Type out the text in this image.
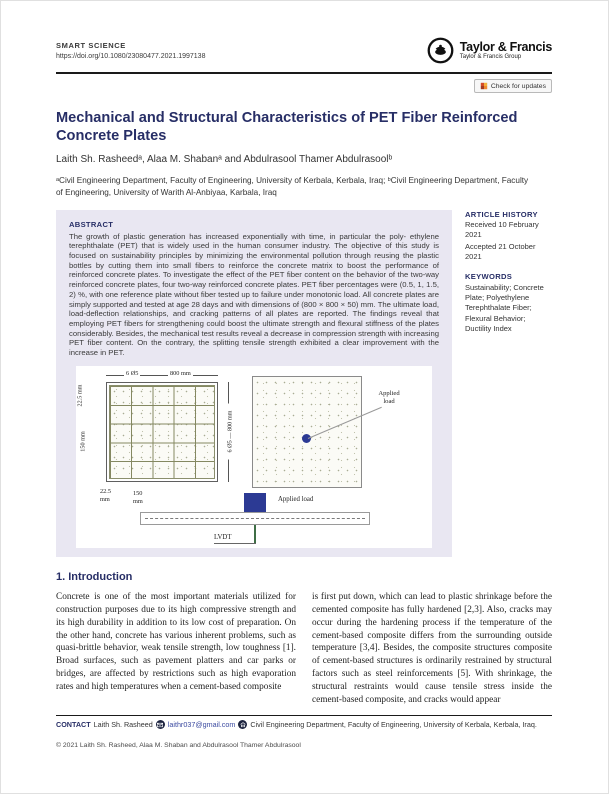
SMART SCIENCE
https://doi.org/10.1080/23080477.2021.1997138
Taylor & Francis
Taylor & Francis Group
Check for updates
Mechanical and Structural Characteristics of PET Fiber Reinforced Concrete Plates
Laith Sh. Rasheedᵃ, Alaa M. Shabanᵃ and Abdulrasool Thamer Abdulrasoolᵇ
ᵃCivil Engineering Department, Faculty of Engineering, University of Kerbala, Kerbala, Iraq; ᵇCivil Engineering Department, Faculty of Engineering, University of Warith Al-Anbiyaa, Karbala, Iraq
ABSTRACT
The growth of plastic generation has increased exponentially with time, in particular the poly- ethylene terephthalate (PET) that is widely used in the human consumer industry. The objective of this study is focused on sustainability principles by minimizing the environmental pollution through reusing the plastic bottles by cutting them into small fibers to reinforce the concrete matrix to boost the performance of reinforced concrete plates. To investigate the effect of the PET fiber content on the behavior of the two-way reinforced concrete plates, four two-way reinforced concrete plates. PET fiber percentages were (0.5, 1, 1.5, 2) %, with one reference plate without fiber tested up to failure under monotonic load. All concrete plates are simply supported and tested at age 28 days and with dimensions of (800 × 800 × 50) mm. The ultimate load, load-deflection relationships, and cracking patterns of all plates are reported. The findings reveal that employing PET fibers for strengthening could boost the ultimate strength and flexural stiffness of the plates considerably. Besides, the mechanical test results reveal a decrease in compression strength with increasing PET fiber content. On the contrary, the splitting tensile strength exhibited a clear improvement with the increase in PET.
6 Ø5	800 mm
22.5 mm
150 mm	6 Ø5 — 800 mm
22.5 mm
150 mm
Applied load
Applied load
LVDT
ARTICLE HISTORY
Received 10 February 2021
Accepted 21 October 2021
KEYWORDS
Sustainability; Concrete Plate; Polyethylene Terephthalate Fiber; Flexural Behavior; Ductility Index
1. Introduction
Concrete is one of the most important materials utilized for construction purposes due to its high compressive strength and its high durability in addition to its low cost of preparation. On the other hand, concrete has various inherent problems, such as quasi-brittle behavior, weak tensile strength, low toughness [1]. Broad surfaces, such as pavement platters and car parks or bridges, are affected by restrictions such as high evaporation rates and high temperatures when a cement-based composite
is first put down, which can lead to plastic shrinkage before the cemented composite has fully hardened [2,3]. Also, cracks may occur during the hardening process if the temperature of the cement-based composite differs from the surrounding outside temperature [3,4]. Besides, the composite structures composite of cement-based structures is ordinarily restrained by structural factors such as steel reinforcements [5]. With shrinkage, the structural restraints would cause tensile stress inside the cement-based composite, and cracks would appear
CONTACT Laith Sh. Rasheed laithr037@gmail.com Civil Engineering Department, Faculty of Engineering, University of Kerbala, Kerbala, Iraq.
© 2021 Laith Sh. Rasheed, Alaa M. Shaban and Abdulrasool Thamer Abdulrasool
